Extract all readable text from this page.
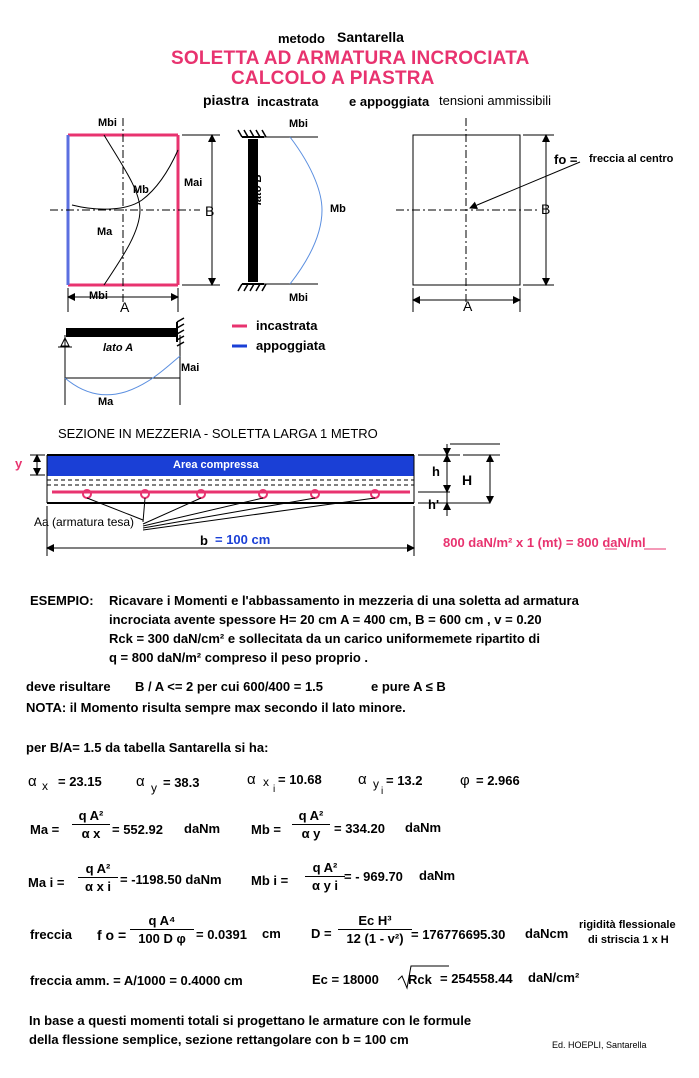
metodo Santarella
SOLETTA AD ARMATURA INCROCIATA
CALCOLO A PIASTRA
piastra incastrata e appoggiata tensioni ammissibili
Mbi
Mai
Mb
Ma
B
Mbi
A
Mbi
Mb
lato B
Mbi
fo = freccia al centro
B
A
lato A
Mai
Ma
incastrata
appoggiata
SEZIONE IN MEZZERIA - SOLETTA LARGA 1 METRO
y	Area compressa	h
H
h'
Aa (armatura tesa)
b = 100 cm	800 daN/m² x 1 (mt) = 800 daN/ml
ESEMPIO: Ricavare i Momenti e l'abbassamento in mezzeria di una soletta ad armatura
incrociata avente spessore H= 20 cm A = 400 cm, B = 600 cm , v = 0.20
Rck = 300 daN/cm² e sollecitata da un carico uniformemete ripartito di
q = 800 daN/m² compreso il peso proprio .
deve risultare B / A <= 2 per cui 600/400 = 1.5	e pure A ≤ B
NOTA: il Momento risulta sempre max secondo il lato minore.
per B/A= 1.5 da tabella Santarella si ha:
α x = 23.15 α y = 38.3	α x
i
= 10.68 α y
i
= 13.2 φ = 2.966
$Ma = \frac{\text{q A²}}{\text{α x}} = 552.92$ daNm $Mb = \frac{\text{q A²}}{\text{α y}} = 334.20$ daNm
Ma $i = \frac{\text{q A²}}{\text{α x i}} = -1198.50$ daNm Mb $i = \frac{\text{q A²}}{\text{α y i}}$ = - 969.70 daNm
freccia f $o = \frac{\text{q A⁴}}{\text{100 D φ}} = 0.0391$ cm $D = \frac{\text{Ec H³}}{\text{12 (1 - v²)}} = 176776695.30$ daNcm
rigidità flessionale
di striscia 1 x H
freccia amm. = A/1000 = 0.4000 cm	Ec = 18000 Rck = 254558.44 daN/cm²
In base a questi momenti totali si progettano le armature con le formule
della flessione semplice, sezione rettangolare con b = 100 cm	Ed. HOEPLI, Santarella
